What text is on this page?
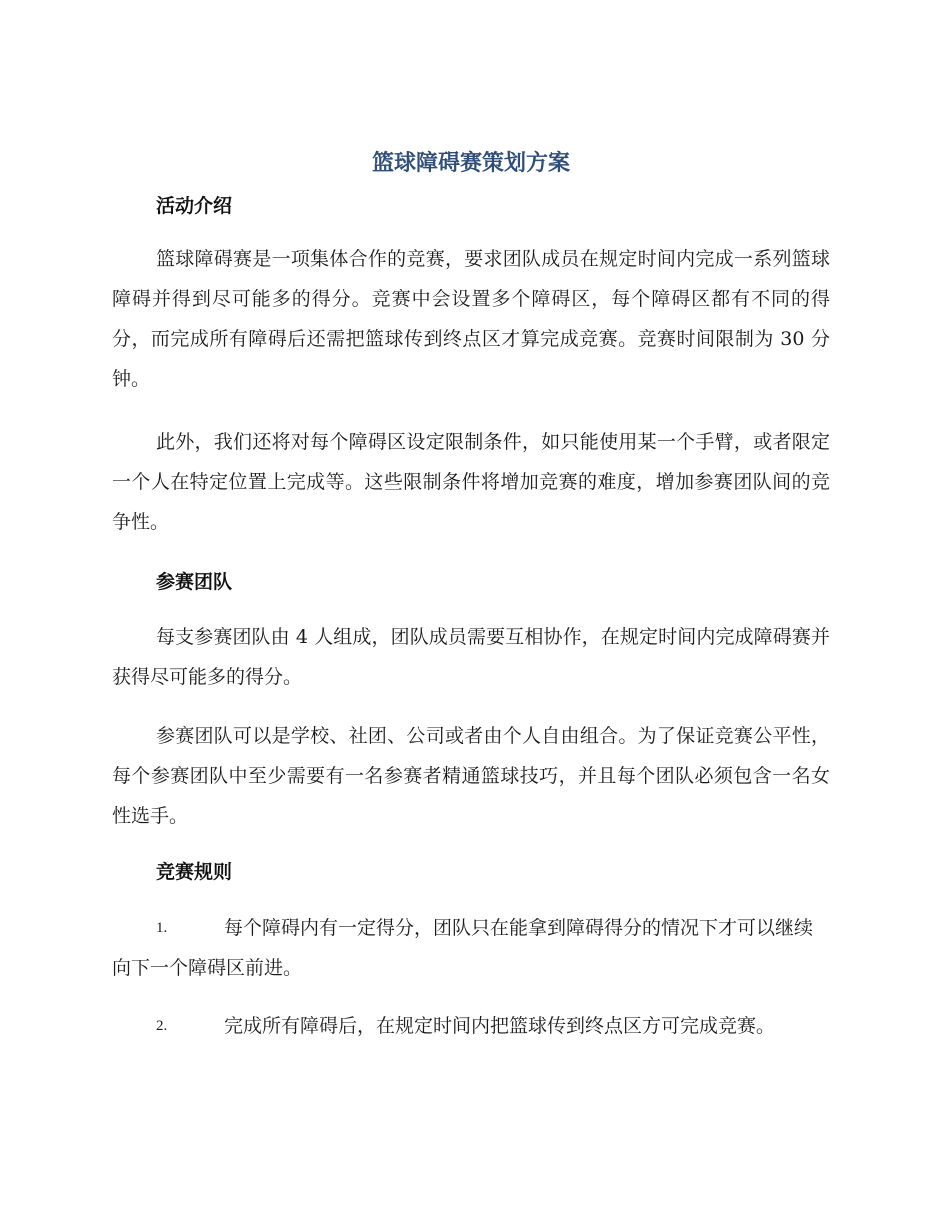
篮球障碍赛策划方案
活动介绍

篮球障碍赛是一项集体合作的竞赛，要求团队成员在规定时间内完成一系列篮球障碍并得到尽可能多的得分。竞赛中会设置多个障碍区，每个障碍区都有不同的得分，而完成所有障碍后还需把篮球传到终点区才算完成竞赛。竞赛时间限制为 30 分钟。

此外，我们还将对每个障碍区设定限制条件，如只能使用某一个手臂，或者限定一个人在特定位置上完成等。这些限制条件将增加竞赛的难度，增加参赛团队间的竞争性。

参赛团队

每支参赛团队由 4 人组成，团队成员需要互相协作，在规定时间内完成障碍赛并获得尽可能多的得分。

参赛团队可以是学校、社团、公司或者由个人自由组合。为了保证竞赛公平性，每个参赛团队中至少需要有一名参赛者精通篮球技巧，并且每个团队必须包含一名女性选手。

竞赛规则
1.	每个障碍内有一定得分，团队只在能拿到障碍得分的情况下才可以继续向下一个障碍区前进。
2.	完成所有障碍后，在规定时间内把篮球传到终点区方可完成竞赛。
